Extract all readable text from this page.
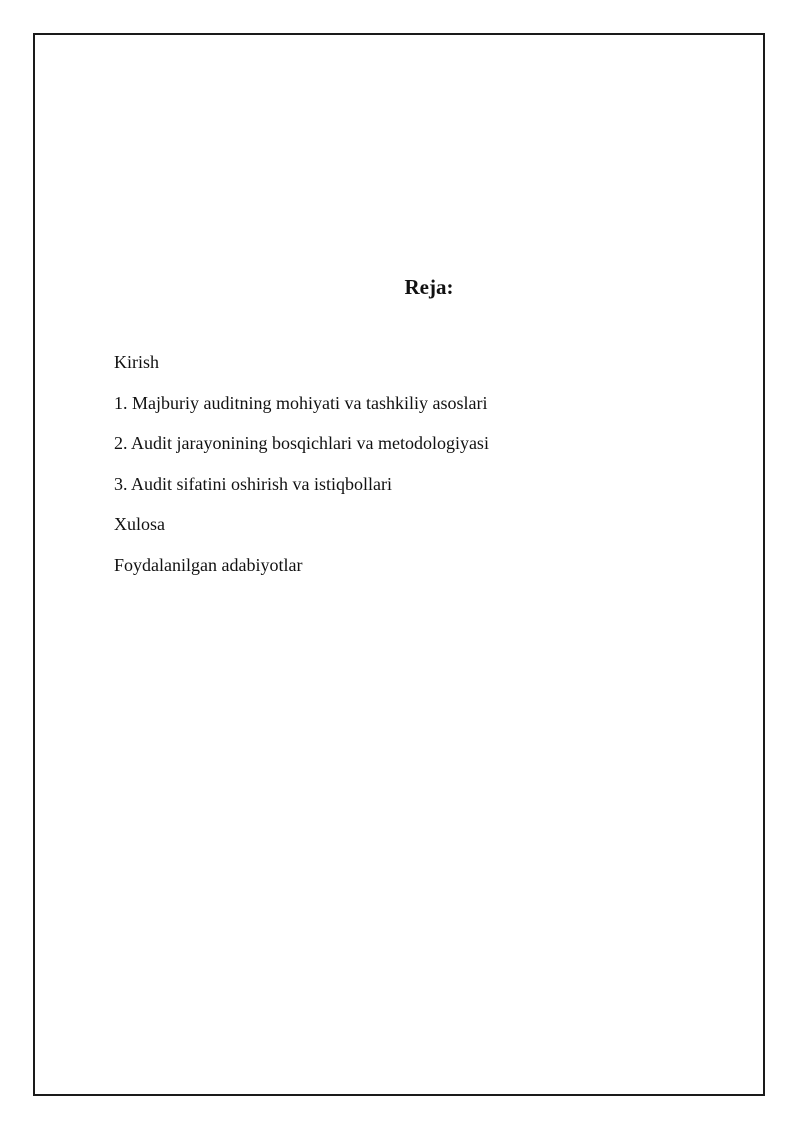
Reja:
Kirish
1. Majburiy auditning mohiyati va tashkiliy asoslari
2. Audit jarayonining bosqichlari va metodologiyasi
3. Audit sifatini oshirish va istiqbollari
Xulosa
Foydalanilgan adabiyotlar
